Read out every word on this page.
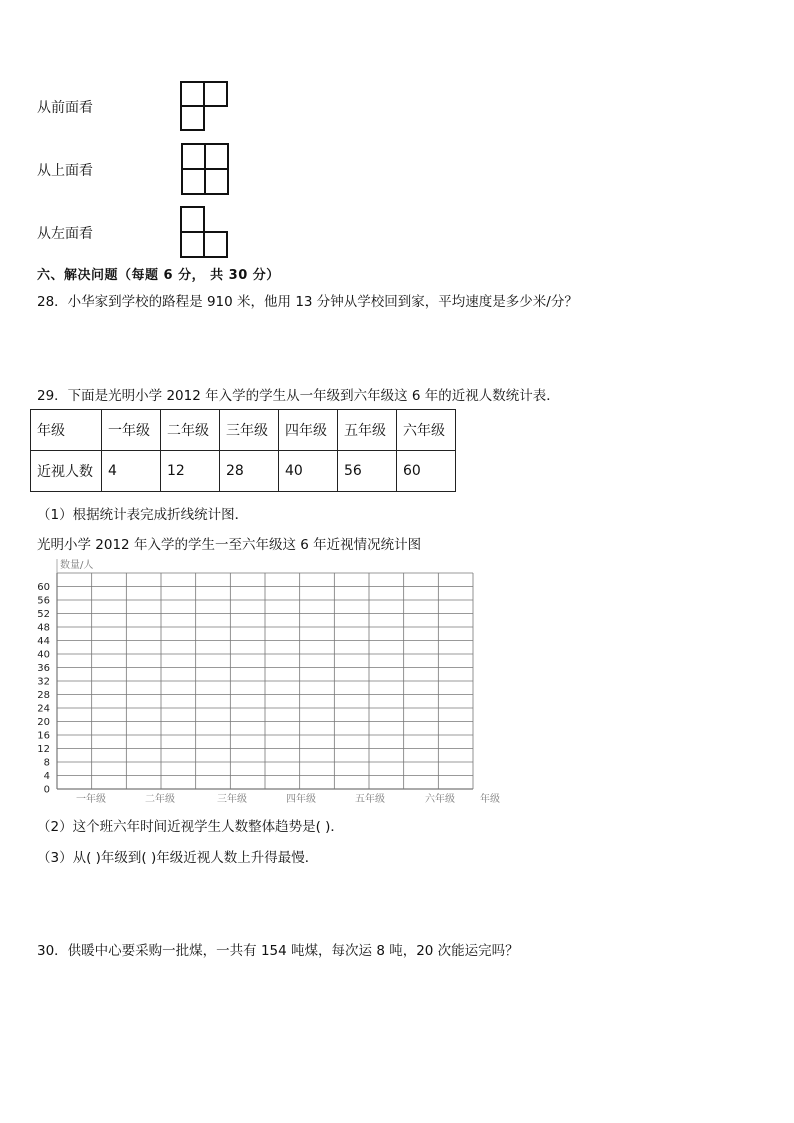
从前面看
从上面看
从左面看
六、解决问题（每题 6 分， 共 30 分）
28．小华家到学校的路程是 910 米，他用 13 分钟从学校回到家，平均速度是多少米/分？
29．下面是光明小学 2012 年入学的学生从一年级到六年级这 6 年的近视人数统计表．
年级	一年级	二年级	三年级	四年级	五年级	六年级
近视人数	4	12	28	40	56	60
（1）根据统计表完成折线统计图．
光明小学 2012 年入学的学生一至六年级这 6 年近视情况统计图
0
4
8
12
16
20
24
28
32
36
40
44
48
52
56
60
数量/人
一年级	二年级	三年级	四年级	五年级	六年级	年级
（2）这个班六年时间近视学生人数整体趋势是( )．
（3）从( )年级到( )年级近视人数上升得最慢．
30．供暖中心要采购一批煤，一共有 154 吨煤，每次运 8 吨，20 次能运完吗？
